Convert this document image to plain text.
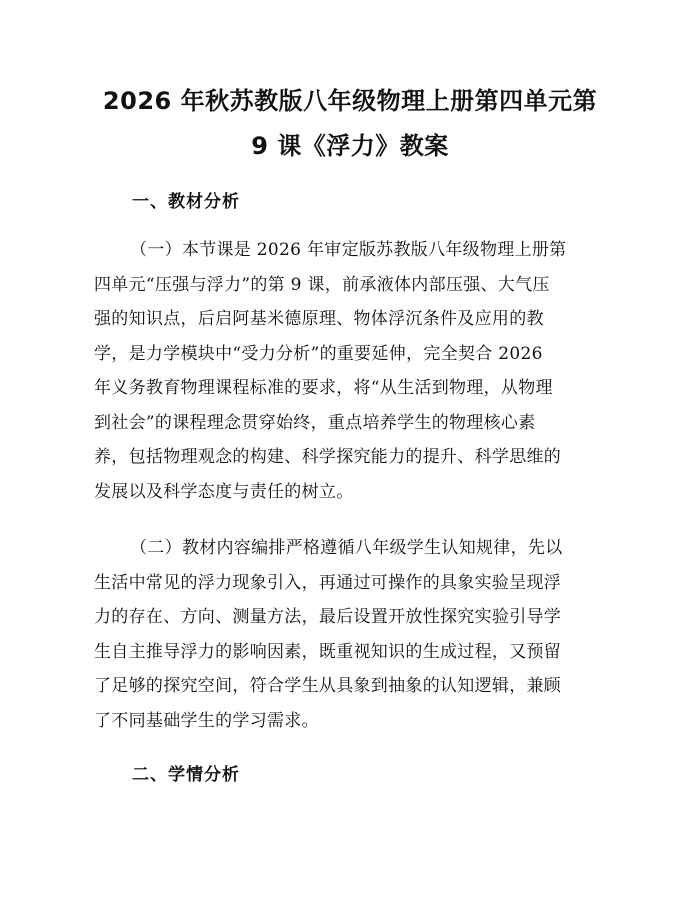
2026 年秋苏教版八年级物理上册第四单元第
9 课《浮力》教案
一、教材分析
（一）本节课是 2026 年审定版苏教版八年级物理上册第
四单元“压强与浮力”的第 9 课，前承液体内部压强、大气压
强的知识点，后启阿基米德原理、物体浮沉条件及应用的教
学，是力学模块中“受力分析”的重要延伸，完全契合 2026
年义务教育物理课程标准的要求，将“从生活到物理，从物理
到社会”的课程理念贯穿始终，重点培养学生的物理核心素
养，包括物理观念的构建、科学探究能力的提升、科学思维的
发展以及科学态度与责任的树立。
（二）教材内容编排严格遵循八年级学生认知规律，先以
生活中常见的浮力现象引入，再通过可操作的具象实验呈现浮
力的存在、方向、测量方法，最后设置开放性探究实验引导学
生自主推导浮力的影响因素，既重视知识的生成过程，又预留
了足够的探究空间，符合学生从具象到抽象的认知逻辑，兼顾
了不同基础学生的学习需求。
二、学情分析
